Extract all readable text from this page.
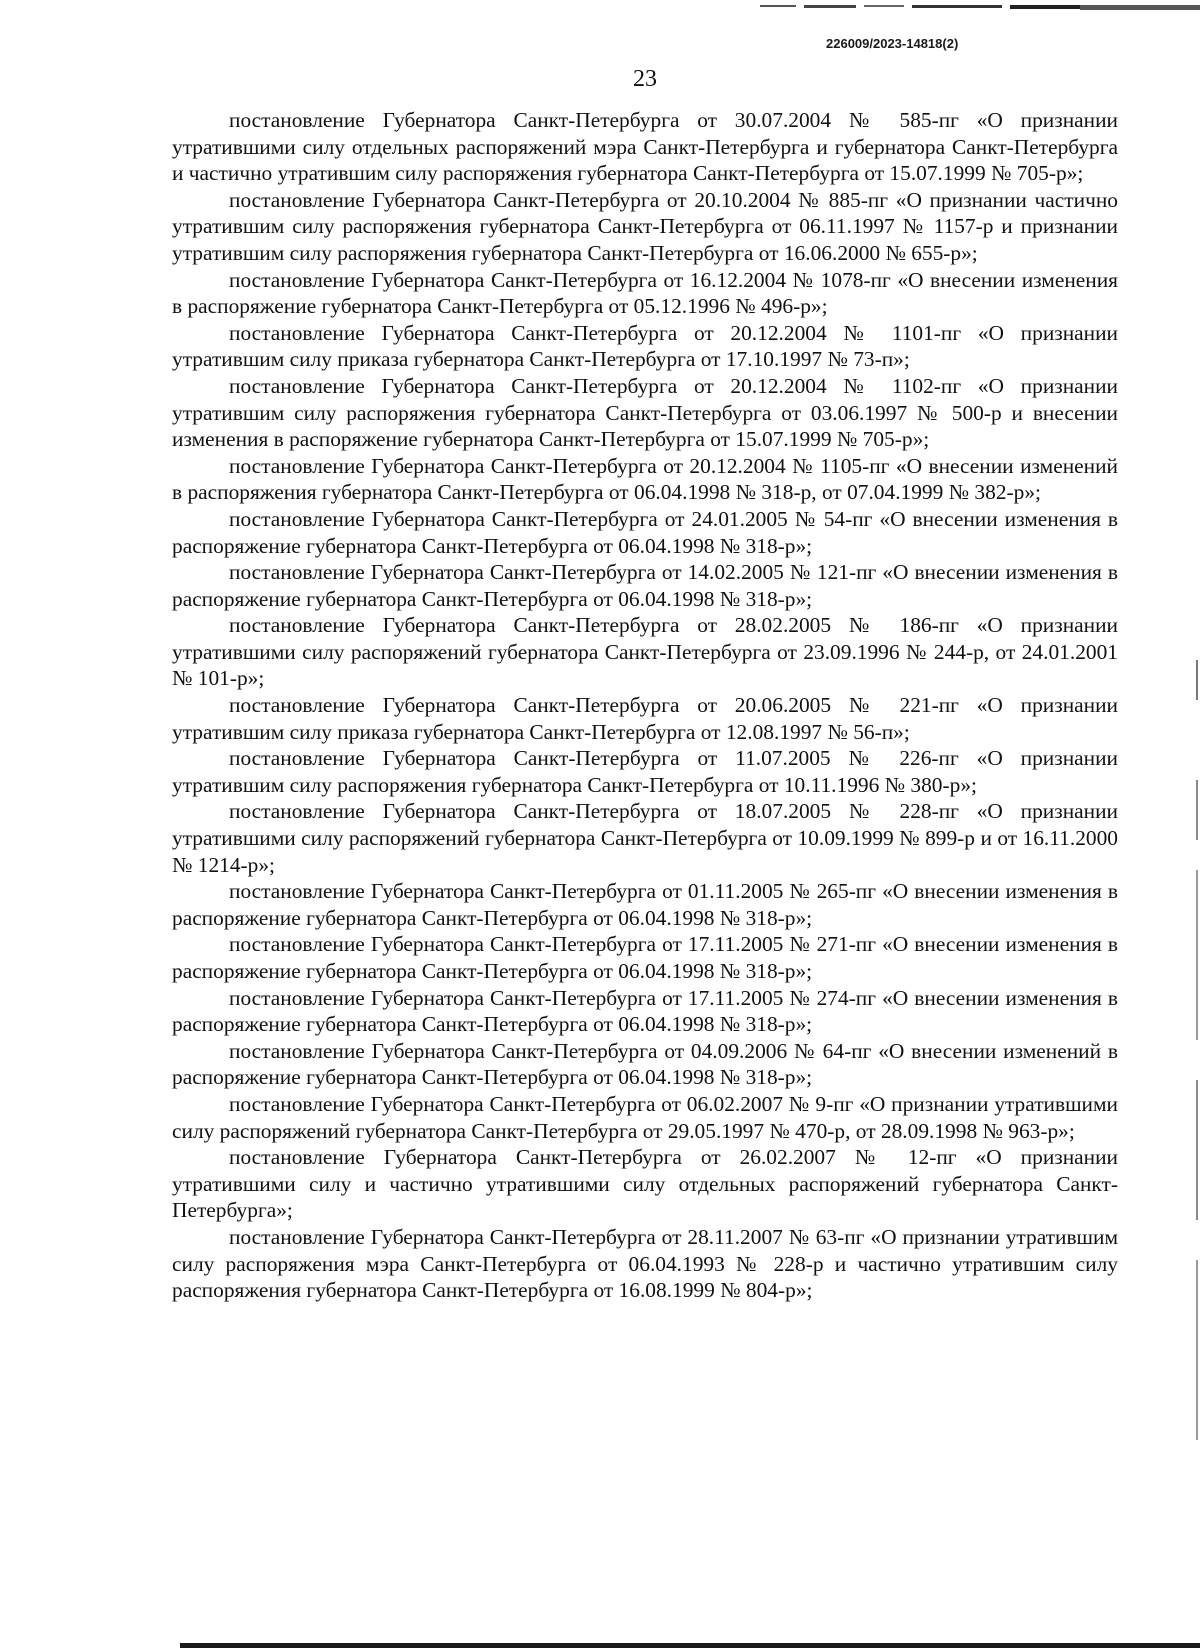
226009/2023-14818(2)
23

постановление Губернатора Санкт-Петербурга от 30.07.2004 № 585-пг «О признании утратившими силу отдельных распоряжений мэра Санкт-Петербурга и губернатора Санкт-Петербурга и частично утратившим силу распоряжения губернатора Санкт-Петербурга от 15.07.1999 № 705-р»;

постановление Губернатора Санкт-Петербурга от 20.10.2004 № 885-пг «О признании частично утратившим силу распоряжения губернатора Санкт-Петербурга от 06.11.1997 № 1157-р и признании утратившим силу распоряжения губернатора Санкт-Петербурга от 16.06.2000 № 655-р»;

постановление Губернатора Санкт-Петербурга от 16.12.2004 № 1078-пг «О внесении изменения в распоряжение губернатора Санкт-Петербурга от 05.12.1996 № 496-р»;

постановление Губернатора Санкт-Петербурга от 20.12.2004 № 1101-пг «О признании утратившим силу приказа губернатора Санкт-Петербурга от 17.10.1997 № 73-п»;

постановление Губернатора Санкт-Петербурга от 20.12.2004 № 1102-пг «О признании утратившим силу распоряжения губернатора Санкт-Петербурга от 03.06.1997 № 500-р и внесении изменения в распоряжение губернатора Санкт-Петербурга от 15.07.1999 № 705-р»;

постановление Губернатора Санкт-Петербурга от 20.12.2004 № 1105-пг «О внесении изменений в распоряжения губернатора Санкт-Петербурга от 06.04.1998 № 318-р, от 07.04.1999 № 382-р»;

постановление Губернатора Санкт-Петербурга от 24.01.2005 № 54-пг «О внесении изменения в распоряжение губернатора Санкт-Петербурга от 06.04.1998 № 318-р»;

постановление Губернатора Санкт-Петербурга от 14.02.2005 № 121-пг «О внесении изменения в распоряжение губернатора Санкт-Петербурга от 06.04.1998 № 318-р»;

постановление Губернатора Санкт-Петербурга от 28.02.2005 № 186-пг «О признании утратившими силу распоряжений губернатора Санкт-Петербурга от 23.09.1996 № 244-р, от 24.01.2001 № 101-р»;

постановление Губернатора Санкт-Петербурга от 20.06.2005 № 221-пг «О признании утратившим силу приказа губернатора Санкт-Петербурга от 12.08.1997 № 56-п»;

постановление Губернатора Санкт-Петербурга от 11.07.2005 № 226-пг «О признании утратившим силу распоряжения губернатора Санкт-Петербурга от 10.11.1996 № 380-р»;

постановление Губернатора Санкт-Петербурга от 18.07.2005 № 228-пг «О признании утратившими силу распоряжений губернатора Санкт-Петербурга от 10.09.1999 № 899-р и от 16.11.2000 № 1214-р»;

постановление Губернатора Санкт-Петербурга от 01.11.2005 № 265-пг «О внесении изменения в распоряжение губернатора Санкт-Петербурга от 06.04.1998 № 318-р»;

постановление Губернатора Санкт-Петербурга от 17.11.2005 № 271-пг «О внесении изменения в распоряжение губернатора Санкт-Петербурга от 06.04.1998 № 318-р»;

постановление Губернатора Санкт-Петербурга от 17.11.2005 № 274-пг «О внесении изменения в распоряжение губернатора Санкт-Петербурга от 06.04.1998 № 318-р»;

постановление Губернатора Санкт-Петербурга от 04.09.2006 № 64-пг «О внесении изменений в распоряжение губернатора Санкт-Петербурга от 06.04.1998 № 318-р»;

постановление Губернатора Санкт-Петербурга от 06.02.2007 № 9-пг «О признании утратившими силу распоряжений губернатора Санкт-Петербурга от 29.05.1997 № 470-р, от 28.09.1998 № 963-р»;

постановление Губернатора Санкт-Петербурга от 26.02.2007 № 12-пг «О признании утратившими силу и частично утратившими силу отдельных распоряжений губернатора Санкт-Петербурга»;

постановление Губернатора Санкт-Петербурга от 28.11.2007 № 63-пг «О признании утратившим силу распоряжения мэра Санкт-Петербурга от 06.04.1993 № 228-р и частично утратившим силу распоряжения губернатора Санкт-Петербурга от 16.08.1999 № 804-р»;
